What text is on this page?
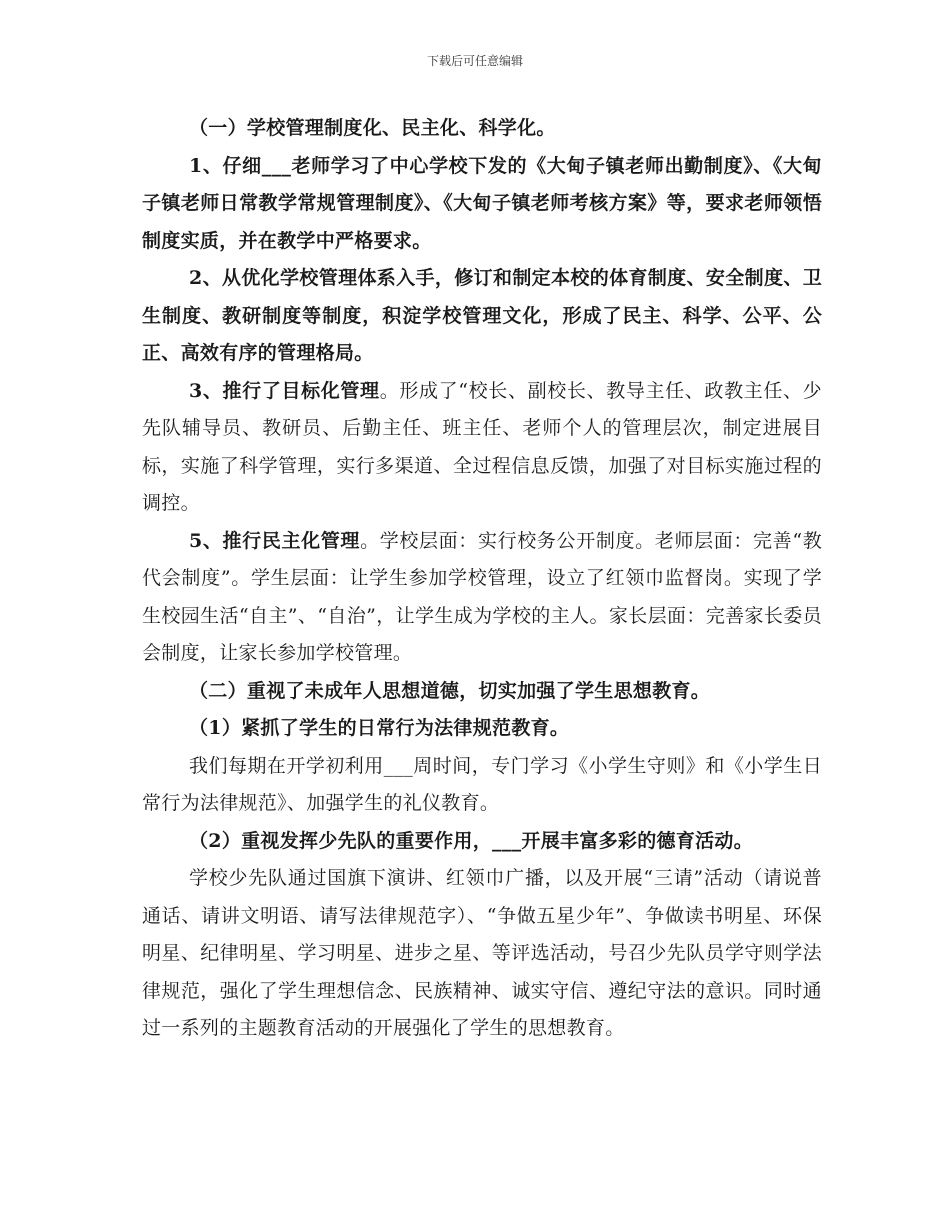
下载后可任意编辑

（一）学校管理制度化、民主化、科学化。

1、仔细___老师学习了中心学校下发的《大甸子镇老师出勤制度》、《大甸子镇老师日常教学常规管理制度》、《大甸子镇老师考核方案》等，要求老师领悟制度实质，并在教学中严格要求。

2、从优化学校管理体系入手，修订和制定本校的体育制度、安全制度、卫生制度、教研制度等制度，积淀学校管理文化，形成了民主、科学、公平、公正、高效有序的管理格局。

3、推行了目标化管理。形成了“校长、副校长、教导主任、政教主任、少先队辅导员、教研员、后勤主任、班主任、老师个人的管理层次，制定进展目标，实施了科学管理，实行多渠道、全过程信息反馈，加强了对目标实施过程的调控。

5、推行民主化管理。学校层面：实行校务公开制度。老师层面：完善“教代会制度”。学生层面：让学生参加学校管理，设立了红领巾监督岗。实现了学生校园生活“自主”、“自治”，让学生成为学校的主人。家长层面：完善家长委员会制度，让家长参加学校管理。

（二）重视了未成年人思想道德，切实加强了学生思想教育。

（1）紧抓了学生的日常行为法律规范教育。

我们每期在开学初利用___周时间，专门学习《小学生守则》和《小学生日常行为法律规范》、加强学生的礼仪教育。

（2）重视发挥少先队的重要作用，___开展丰富多彩的德育活动。

学校少先队通过国旗下演讲、红领巾广播，以及开展“三请”活动（请说普通话、请讲文明语、请写法律规范字）、“争做五星少年”、争做读书明星、环保明星、纪律明星、学习明星、进步之星、等评选活动，号召少先队员学守则学法律规范，强化了学生理想信念、民族精神、诚实守信、遵纪守法的意识。同时通过一系列的主题教育活动的开展强化了学生的思想教育。
